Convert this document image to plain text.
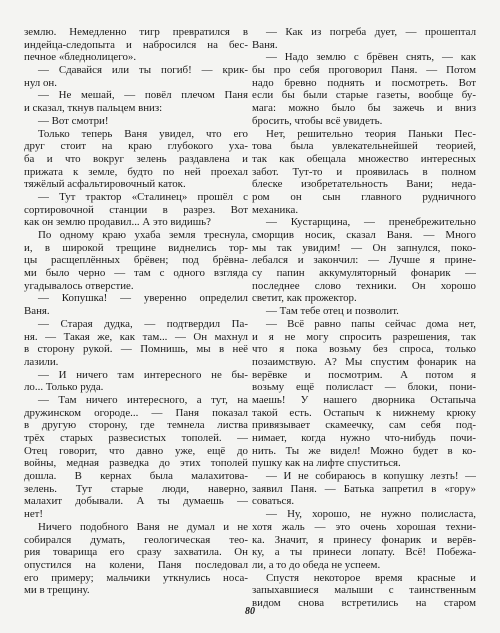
землю. Немедленно тигр превратился в
индейца-следопыта и набросился на бес-
печное «бледнолицего».
— Сдавайся или ты погиб! — крик-
нул он.
— Не мешай, — повёл плечом Паня
и сказал, ткнув пальцем вниз:
— Вот смотри!
Только теперь Ваня увидел, что его
друг стоит на краю глубокого уха-
ба и что вокруг зелень раздавлена и
прижата к земле, будто по ней проехал
тяжёлый асфальтировочный каток.
— Тут трактор «Сталинец» прошёл с
сортировочной станции в разрез. Вот
как он землю продавил... А это видишь?
По одному краю ухаба земля треснула,
и, в широкой трещине виднелись тор-
цы расщеплённых брёвен; под брёвна-
ми было черно — там с одного взгляда
угадывалось отверстие.
— Копушка! — уверенно определил
Ваня.
— Старая дудка, — подтвердил Па-
ня. — Такая же, как там... — Он махнул
в сторону рукой. — Помнишь, мы в неё
лазили.
— И ничего там интересного не бы-
ло... Только руда.
— Там ничего интересного, а тут, на
дружинском огороде... — Паня показал
в другую сторону, где темнела листва
трёх старых развесистых тополей. —
Отец говорит, что давно уже, ещё до
войны, медная разведка до этих тополей
дошла. В кернах была малахитова-
зелень. Тут старые люди, наверно,
малахит добывали. А ты думаешь —
нет!
Ничего подобного Ваня не думал и не
собирался думать, геологическая тео-
рия товарища его сразу захватила. Он
опустился на колени, Паня последовал
его примеру; мальчики уткнулись носа-
ми в трещину.
— Как из погреба дует, — прошептал
Ваня.
— Надо землю с брёвен снять, — как
бы про себя проговорил Паня. — Потом
надо бревно поднять и посмотреть. Вот
если бы были старые газеты, вообще бу-
мага: можно было бы зажечь и вниз
бросить, чтобы всё увидеть.
Нет, решительно теория Паньки Пес-
това была увлекательнейшей теорией,
так как обещала множество интересных
забот. Тут-то и проявилась в полном
блеске изобретательность Вани; неда-
ром он сын главного рудничного
механика.
— Кустарщина, — пренебрежительно
сморщив носик, сказал Ваня. — Много
мы так увидим! — Он запнулся, поко-
лебался и закончил: — Лучше я прине-
су папин аккумуляторный фонарик —
последнее слово техники. Он хорошо
светит, как прожектор.
— Там тебе отец и позволит.
— Всё равно папы сейчас дома нет,
и я не могу спросить разрешения, так
что я пока возьму без спроса, только
позаимствую. А? Мы спустим фонарик на
верёвке и посмотрим. А потом я
возьму ещё полисласт — блоки, пони-
маешь! У нашего дворника Остапыча
такой есть. Остапыч к нижнему крюку
привязывает скамеечку, сам себя под-
нимает, когда нужно что-нибудь почи-
нить. Ты же видел! Можно будет в ко-
пушку как на лифте спуститься.
— И не собираюсь в копушку лезть! —
заявил Паня. — Батька запретил в «гору»
соваться.
— Ну, хорошо, не нужно полисласта,
хотя жаль — это очень хорошая техни-
ка. Значит, я принесу фонарик и верёв-
ку, а ты принеси лопату. Всё! Побежа-
ли, а то до обеда не успеем.
Спустя некоторое время красные и
запыхавшиеся малыши с таинственным
видом снова встретились на старом
80
